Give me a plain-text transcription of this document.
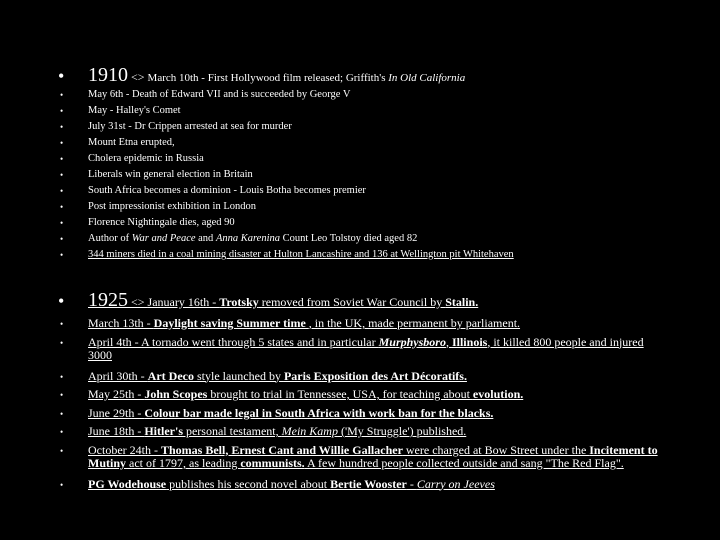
• 1910 <> March 10th - First Hollywood film released; Griffith's In Old California
• May 6th - Death of Edward VII and is succeeded by George V
• May - Halley's Comet
• July 31st - Dr Crippen arrested at sea for murder
• Mount Etna erupted,
• Cholera epidemic in Russia
• Liberals win general election in Britain
• South Africa becomes a dominion - Louis Botha becomes premier
• Post impressionist exhibition in London
• Florence Nightingale dies, aged 90
• Author of War and Peace and Anna Karenina Count Leo Tolstoy died aged 82
• 344 miners died in a coal mining disaster at Hulton Lancashire and 136 at Wellington pit Whitehaven
• 1925 <> January 16th - Trotsky removed from Soviet War Council by Stalin.
• March 13th - Daylight saving Summer time , in the UK, made permanent by parliament.
• April 4th - A tornado went through 5 states and in particular Murphysboro, Illinois, it killed 800 people and injured 3000
• April 30th - Art Deco style launched by Paris Exposition des Art Décoratifs.
• May 25th - John Scopes brought to trial in Tennessee, USA, for teaching about evolution.
• June 29th - Colour bar made legal in South Africa with work ban for the blacks.
• June 18th - Hitler's personal testament, Mein Kamp ('My Struggle') published.
• October 24th - Thomas Bell, Ernest Cant and Willie Gallacher were charged at Bow Street under the Incitement to Mutiny act of 1797, as leading communists. A few hundred people collected outside and sang "The Red Flag".
• PG Wodehouse publishes his second novel about Bertie Wooster - Carry on Jeeves
